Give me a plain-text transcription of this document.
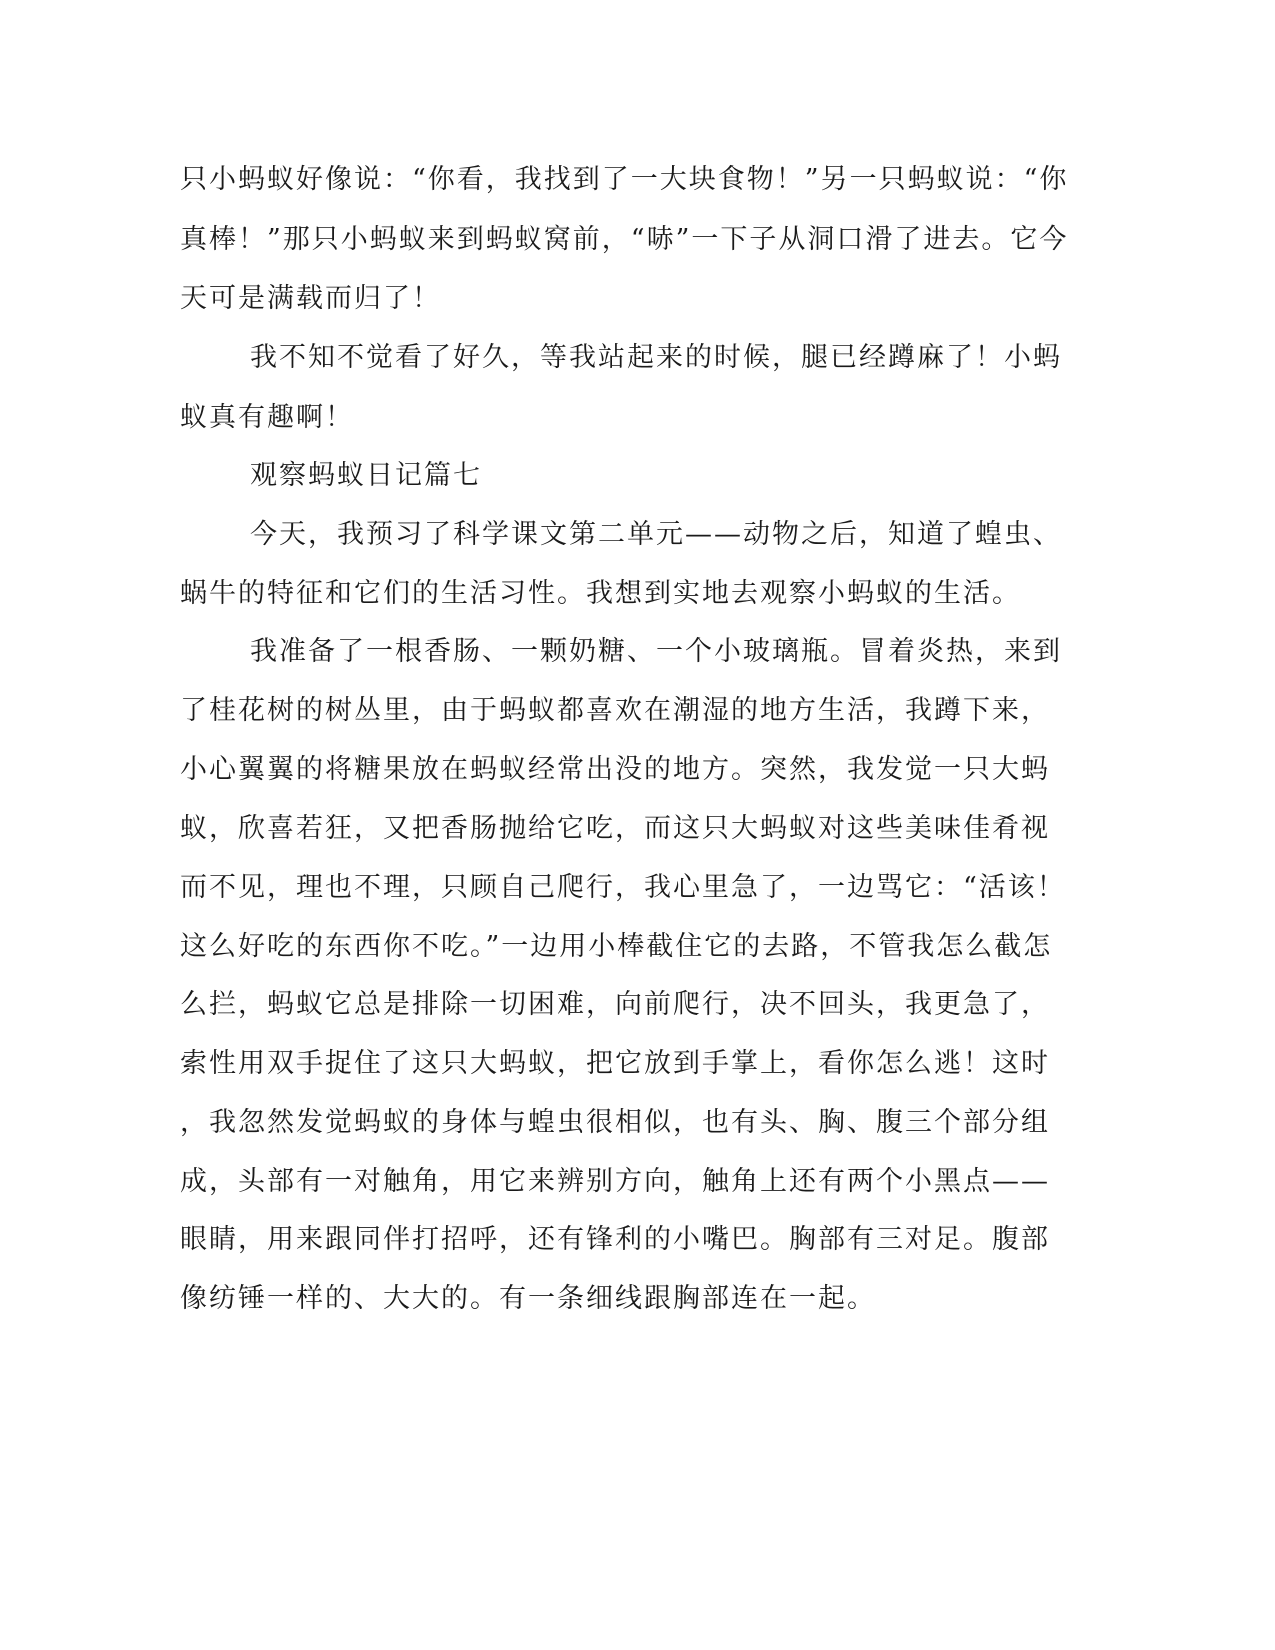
只小蚂蚁好像说：“你看，我找到了一大块食物！”另一只蚂蚁说：“你
真棒！”那只小蚂蚁来到蚂蚁窝前，“哧”一下子从洞口滑了进去。它今
天可是满载而归了！
我不知不觉看了好久，等我站起来的时候，腿已经蹲麻了！小蚂
蚁真有趣啊！
观察蚂蚁日记篇七
今天，我预习了科学课文第二单元——动物之后，知道了蝗虫、
蜗牛的特征和它们的生活习性。我想到实地去观察小蚂蚁的生活。
我准备了一根香肠、一颗奶糖、一个小玻璃瓶。冒着炎热，来到
了桂花树的树丛里，由于蚂蚁都喜欢在潮湿的地方生活，我蹲下来，
小心翼翼的将糖果放在蚂蚁经常出没的地方。突然，我发觉一只大蚂
蚁，欣喜若狂，又把香肠抛给它吃，而这只大蚂蚁对这些美味佳肴视
而不见，理也不理，只顾自己爬行，我心里急了，一边骂它：“活该！
这么好吃的东西你不吃。”一边用小棒截住它的去路，不管我怎么截怎
么拦，蚂蚁它总是排除一切困难，向前爬行，决不回头，我更急了，
索性用双手捉住了这只大蚂蚁，把它放到手掌上，看你怎么逃！这时
，我忽然发觉蚂蚁的身体与蝗虫很相似，也有头、胸、腹三个部分组
成，头部有一对触角，用它来辨别方向，触角上还有两个小黑点——
眼睛，用来跟同伴打招呼，还有锋利的小嘴巴。胸部有三对足。腹部
像纺锤一样的、大大的。有一条细线跟胸部连在一起。
